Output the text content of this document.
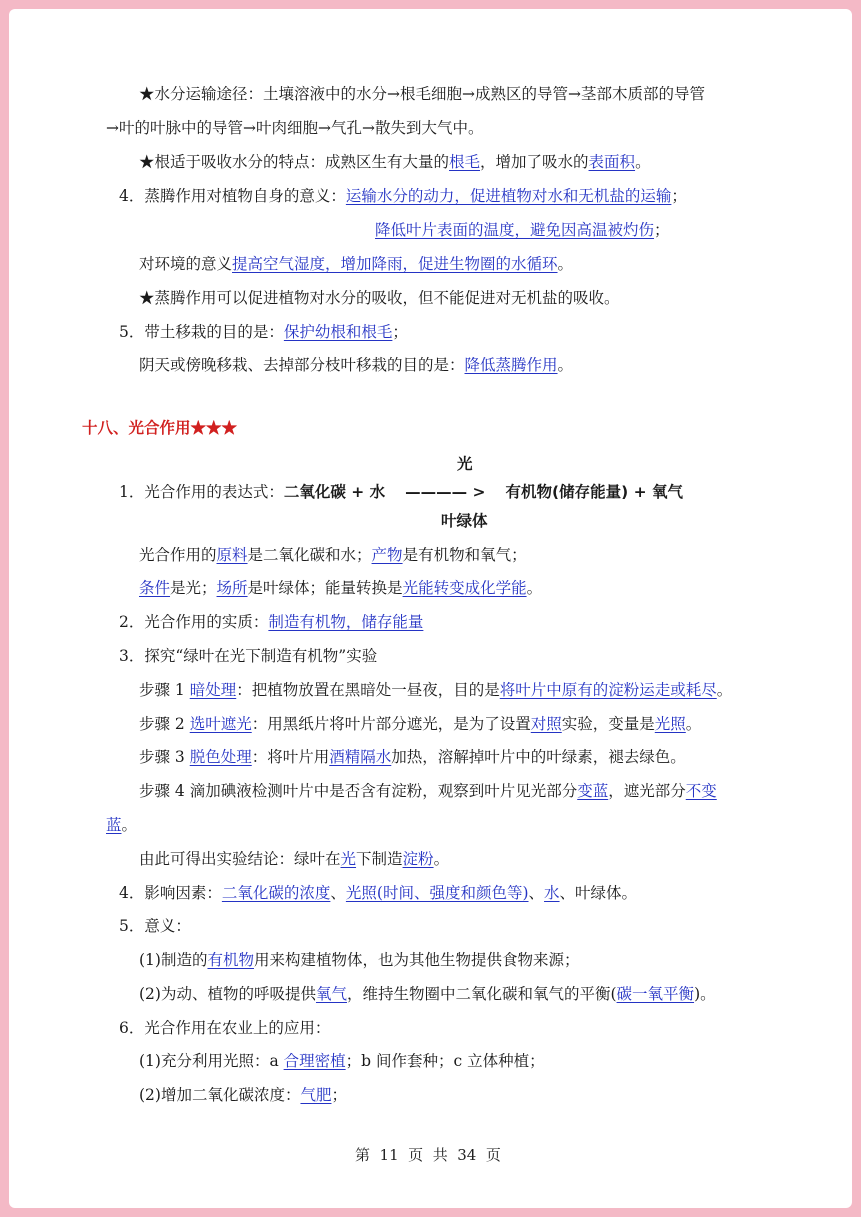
★水分运输途径：土壤溶液中的水分→根毛细胞→成熟区的导管→茎部木质部的导管
→叶的叶脉中的导管→叶肉细胞→气孔→散失到大气中。
★根适于吸收水分的特点：成熟区生有大量的根毛，增加了吸水的表面积。
4．蒸腾作用对植物自身的意义：运输水分的动力，促进植物对水和无机盐的运输；
降低叶片表面的温度，避免因高温被灼伤；
对环境的意义提高空气湿度，增加降雨，促进生物圈的水循环。
★蒸腾作用可以促进植物对水分的吸收，但不能促进对无机盐的吸收。
5．带土移栽的目的是：保护幼根和根毛；
阴天或傍晚移栽、去掉部分枝叶移栽的目的是：降低蒸腾作用。
十八、光合作用★★★
光
1．光合作用的表达式：二氧化碳 + 水 ———— > 有机物(储存能量) + 氧气
叶绿体
光合作用的原料是二氧化碳和水；产物是有机物和氧气；
条件是光；场所是叶绿体；能量转换是光能转变成化学能。
2．光合作用的实质：制造有机物，储存能量
3．探究“绿叶在光下制造有机物”实验
步骤 1 暗处理：把植物放置在黑暗处一昼夜，目的是将叶片中原有的淀粉运走或耗尽。
步骤 2 选叶遮光：用黑纸片将叶片部分遮光，是为了设置对照实验，变量是光照。
步骤 3 脱色处理：将叶片用酒精隔水加热，溶解掉叶片中的叶绿素，褪去绿色。
步骤 4 滴加碘液检测叶片中是否含有淀粉，观察到叶片见光部分变蓝，遮光部分不变
蓝。
由此可得出实验结论：绿叶在光下制造淀粉。
4．影响因素：二氧化碳的浓度、光照(时间、强度和颜色等)、水、叶绿体。
5．意义：
(1)制造的有机物用来构建植物体，也为其他生物提供食物来源；
(2)为动、植物的呼吸提供氧气，维持生物圈中二氧化碳和氧气的平衡(碳一氧平衡)。
6．光合作用在农业上的应用：
(1)充分利用光照：a 合理密植；b 间作套种；c 立体种植；
(2)增加二氧化碳浓度：气肥；
第  11  页  共  34  页
